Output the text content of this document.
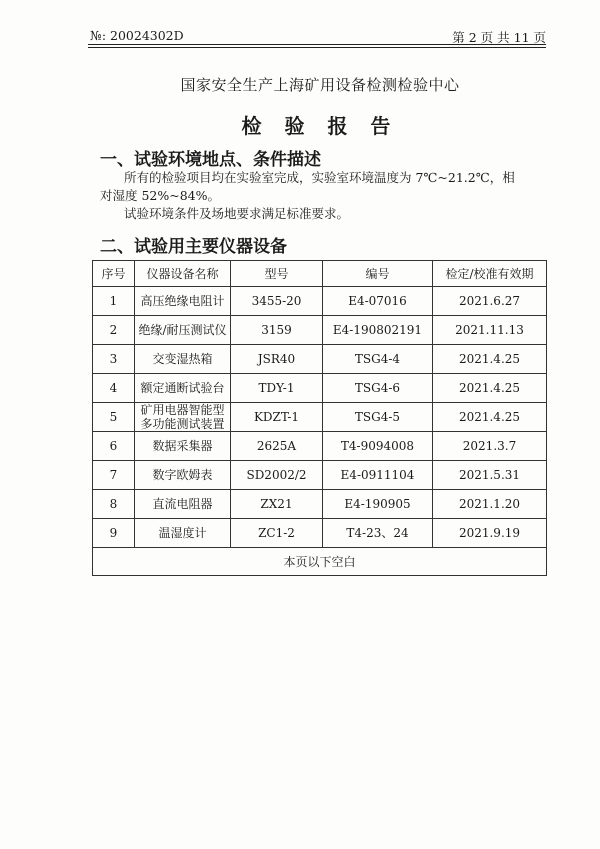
№: 20024302D	第 2 页 共 11 页
国家安全生产上海矿用设备检测检验中心
检 验 报 告
一、试验环境地点、条件描述
所有的检验项目均在实验室完成，实验室环境温度为 7℃~21.2℃，相对湿度 52%~84%。
试验环境条件及场地要求满足标准要求。
二、试验用主要仪器设备
序号	仪器设备名称	型号	编号	检定/校准有效期
1	高压绝缘电阻计	3455-20	E4-07016	2021.6.27
2	绝缘/耐压测试仪	3159	E4-190802191	2021.11.13
3	交变湿热箱	JSR40	TSG4-4	2021.4.25
4	额定通断试验台	TDY-1	TSG4-6	2021.4.25
5	矿用电器智能型多功能测试装置	KDZT-1	TSG4-5	2021.4.25
6	数据采集器	2625A	T4-9094008	2021.3.7
7	数字欧姆表	SD2002/2	E4-0911104	2021.5.31
8	直流电阻器	ZX21	E4-190905	2021.1.20
9	温湿度计	ZC1-2	T4-23、24	2021.9.19
本页以下空白				
